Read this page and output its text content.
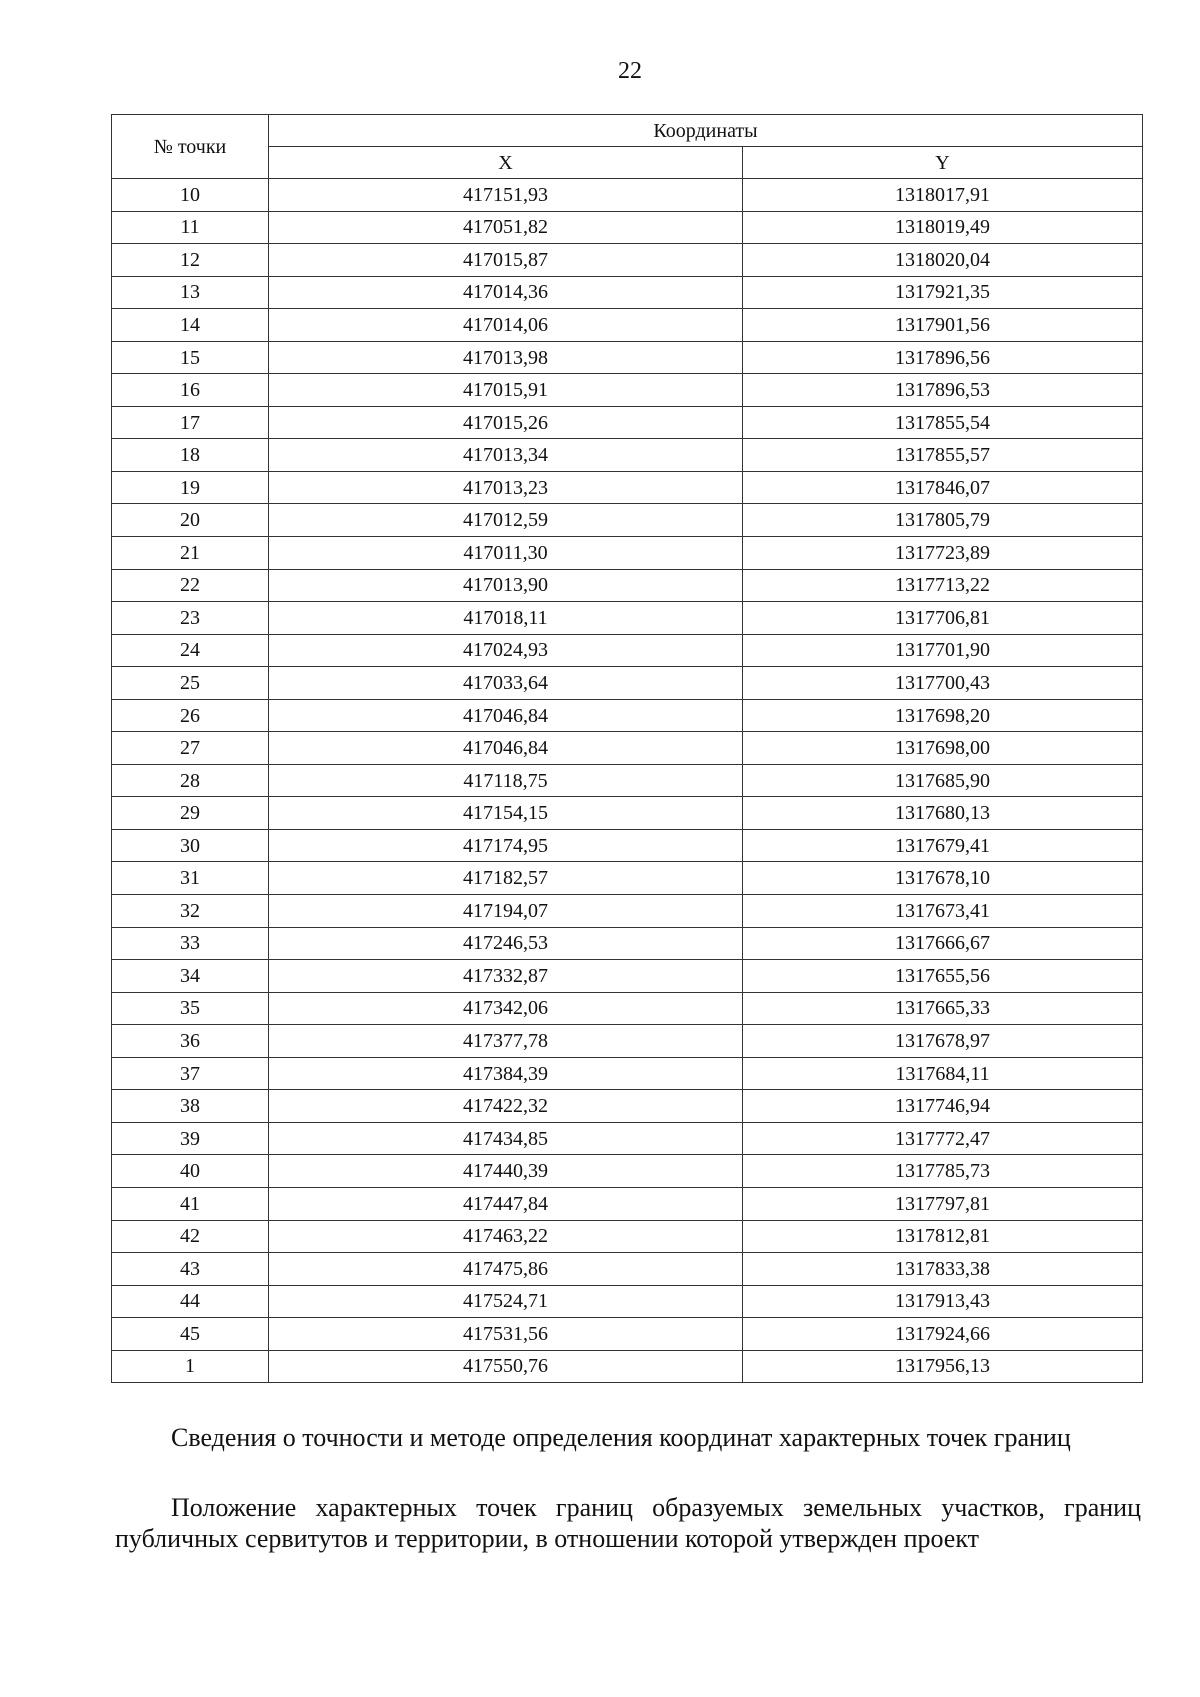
22
№ точки	Координаты	
	X	Y
10	417151,93	1318017,91
11	417051,82	1318019,49
12	417015,87	1318020,04
13	417014,36	1317921,35
14	417014,06	1317901,56
15	417013,98	1317896,56
16	417015,91	1317896,53
17	417015,26	1317855,54
18	417013,34	1317855,57
19	417013,23	1317846,07
20	417012,59	1317805,79
21	417011,30	1317723,89
22	417013,90	1317713,22
23	417018,11	1317706,81
24	417024,93	1317701,90
25	417033,64	1317700,43
26	417046,84	1317698,20
27	417046,84	1317698,00
28	417118,75	1317685,90
29	417154,15	1317680,13
30	417174,95	1317679,41
31	417182,57	1317678,10
32	417194,07	1317673,41
33	417246,53	1317666,67
34	417332,87	1317655,56
35	417342,06	1317665,33
36	417377,78	1317678,97
37	417384,39	1317684,11
38	417422,32	1317746,94
39	417434,85	1317772,47
40	417440,39	1317785,73
41	417447,84	1317797,81
42	417463,22	1317812,81
43	417475,86	1317833,38
44	417524,71	1317913,43
45	417531,56	1317924,66
1	417550,76	1317956,13

Сведения о точности и методе определения координат характерных точек границ

Положение характерных точек границ образуемых земельных участков, границ публичных сервитутов и территории, в отношении которой утвержден проект
